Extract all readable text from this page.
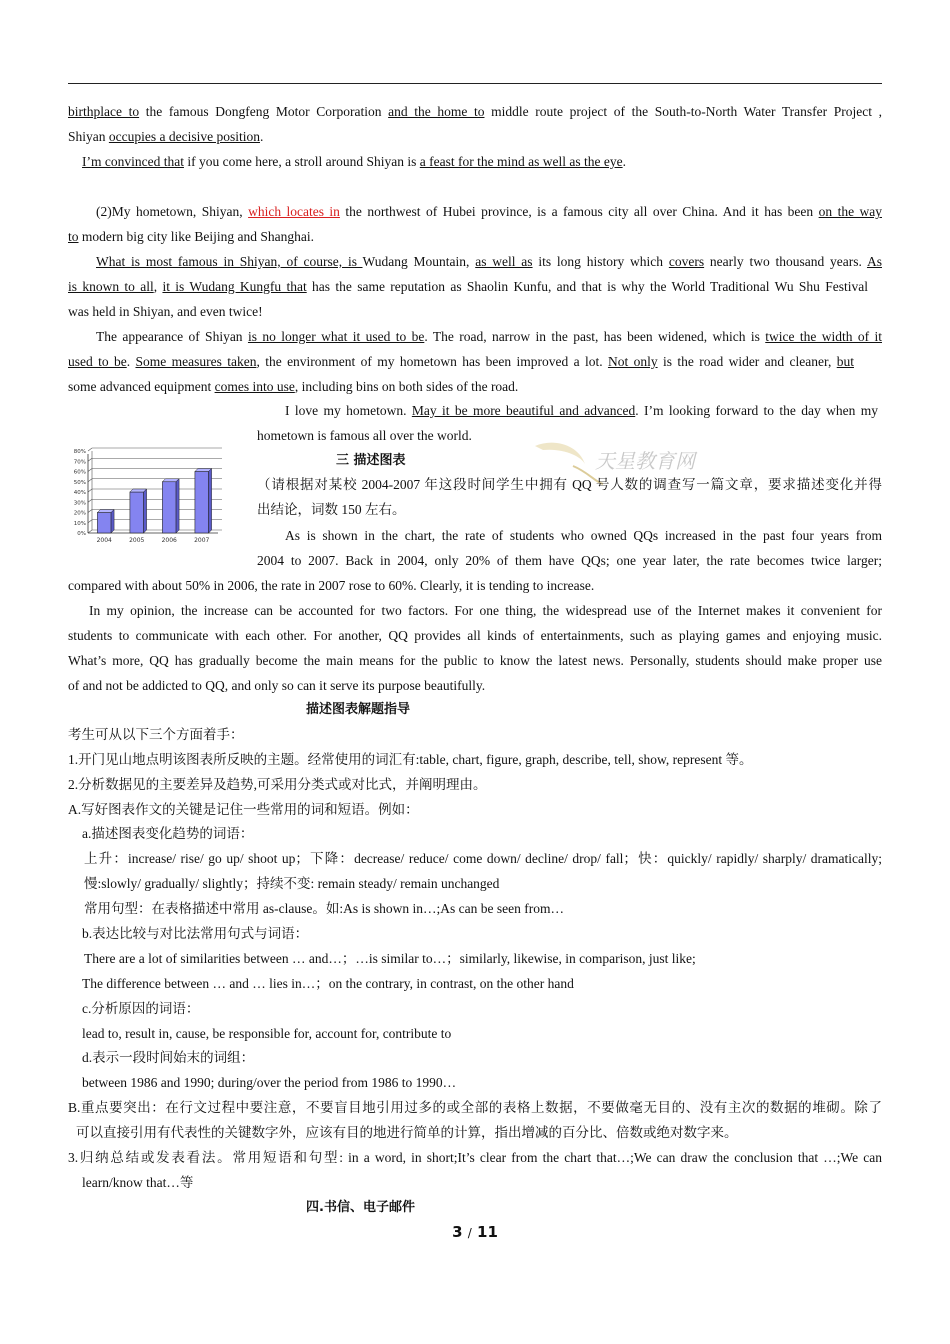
birthplace to the famous Dongfeng Motor Corporation and the home to middle route project of the South-to-North Water Transfer Project ,
Shiyan occupies a decisive position.
I’m convinced that if you come here, a stroll around Shiyan is a feast for the mind as well as the eye.
(2)My hometown, Shiyan, which locates in the northwest of Hubei province, is a famous city all over China. And it has been on the way
to modern big city like Beijing and Shanghai.
What is most famous in Shiyan, of course, is Wudang Mountain, as well as its long history which covers nearly two thousand years. As
is known to all, it is Wudang Kungfu that has the same reputation as Shaolin Kunfu, and that is why the World Traditional Wu Shu Festival
was held in Shiyan, and even twice!
The appearance of Shiyan is no longer what it used to be. The road, narrow in the past, has been widened, which is twice the width of it
used to be. Some measures taken, the environment of my hometown has been improved a lot. Not only is the road wider and cleaner, but
some advanced equipment comes into use, including bins on both sides of the road.
I love my hometown. May it be more beautiful and advanced. I’m looking forward to the day when my
hometown is famous all over the world.
天星教育网
三 描述图表
（请根据对某校 2004-2007 年这段时间学生中拥有 QQ 号人数的调查写一篇文章，要求描述变化并得
出结论，词数 150 左右。
0%
10%
20%
30%
40%
50%
60%
70%
80%
2004	2005	2006	2007	As is shown in the chart, the rate of students who owned QQs increased in the past four years from
2004 to 2007. Back in 2004, only 20% of them have QQs; one year later, the rate becomes twice larger;
compared with about 50% in 2006, the rate in 2007 rose to 60%. Clearly, it is tending to increase.
In my opinion, the increase can be accounted for two factors. For one thing, the widespread use of the Internet makes it convenient for
students to communicate with each other. For another, QQ provides all kinds of entertainments, such as playing games and enjoying music.
What’s more, QQ has gradually become the main means for the public to know the latest news. Personally, students should make proper use
of and not be addicted to QQ, and only so can it serve its purpose beautifully.
描述图表解题指导
考生可从以下三个方面着手：
1.开门见山地点明该图表所反映的主题。经常使用的词汇有:table, chart, figure, graph, describe, tell, show, represent 等。
2.分析数据见的主要差异及趋势,可采用分类式或对比式，并阐明理由。
A.写好图表作文的关键是记住一些常用的词和短语。例如：
a.描述图表变化趋势的词语：
上升：increase/ rise/ go up/ shoot up；下降：decrease/ reduce/ come down/ decline/ drop/ fall；快：quickly/ rapidly/ sharply/ dramatically;
慢:slowly/ gradually/ slightly；持续不变: remain steady/ remain unchanged
常用句型：在表格描述中常用 as-clause。如:As is shown in…;As can be seen from…
b.表达比较与对比法常用句式与词语：
There are a lot of similarities between … and…；…is similar to…；similarly, likewise, in comparison, just like;
The difference between … and … lies in…；on the contrary, in contrast, on the other hand
c.分析原因的词语：
lead to, result in, cause, be responsible for, account for, contribute to
d.表示一段时间始末的词组：
between 1986 and 1990; during/over the period from 1986 to 1990…
B.重点要突出：在行文过程中要注意，不要盲目地引用过多的或全部的表格上数据，不要做毫无目的、没有主次的数据的堆砌。除了
可以直接引用有代表性的关键数字外，应该有目的地进行简单的计算，指出增减的百分比、倍数或绝对数字来。
3.归纳总结或发表看法。常用短语和句型: in a word, in short;It’s clear from the chart that…;We can draw the conclusion that …;We can
learn/know that…等
四.书信、电子邮件
3 / 11
